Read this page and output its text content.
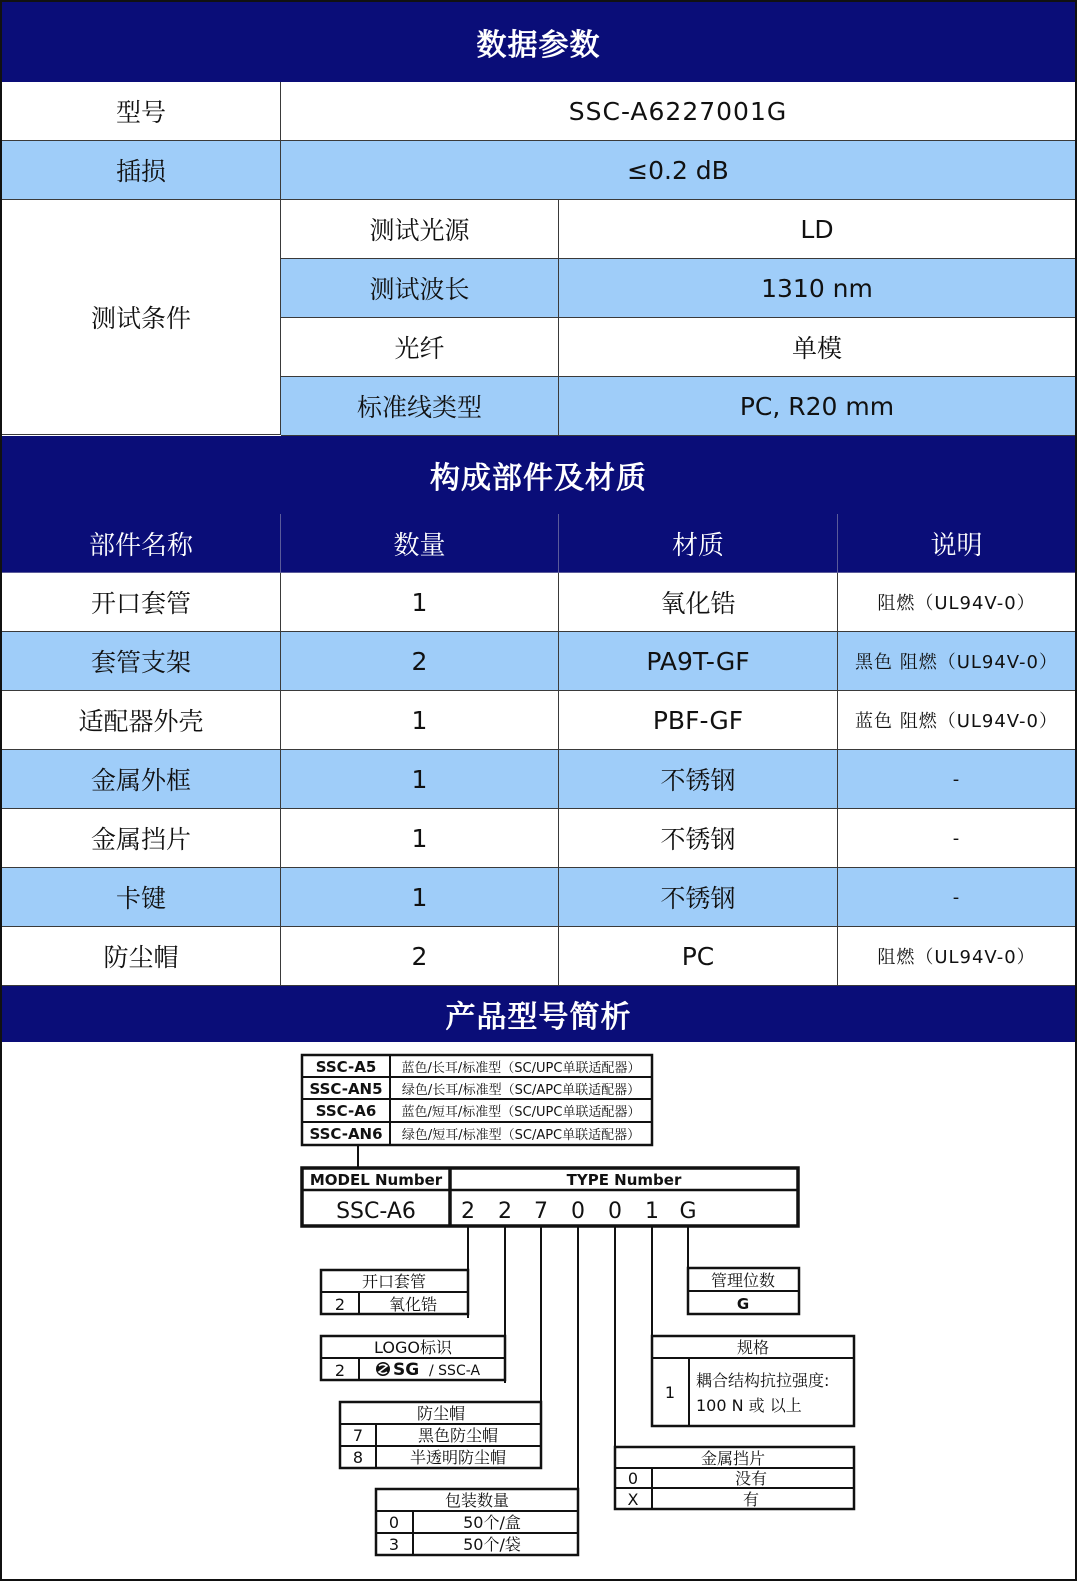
数据参数
型号	SSC-A6227001G
插损	≤0.2 dB
测试条件
测试光源	LD
测试波长	1310 nm
光纤	单模
标准线类型	PC, R20 mm
构成部件及材质
部件名称	数量	材质	说明
开口套管	1	氧化锆	阻燃（UL94V-0）
套管支架	2	PA9T-GF	黑色 阻燃（UL94V-0）
适配器外壳	1	PBF-GF	蓝色 阻燃（UL94V-0）
金属外框	1	不锈钢	-
金属挡片	1	不锈钢	-
卡键	1	不锈钢	-
防尘帽	2	PC	阻燃（UL94V-0）
产品型号简析
SSC-A5 蓝色/长耳/标准型（SC/UPC单联适配器）
SSC-AN5 绿色/长耳/标准型（SC/APC单联适配器）
SSC-A6 蓝色/短耳/标准型（SC/UPC单联适配器）
SSC-AN6 绿色/短耳/标准型（SC/APC单联适配器）
MODEL Number	TYPE Number
SSC-A6 2 2 7 0 0 1 G
开口套管
2	氧化锆
LOGO标识
2	SG / SSC-A
防尘帽
7	黑色防尘帽
8	半透明防尘帽
包装数量
0	50个/盒
3	50个/袋
管理位数
G
规格
1
耦合结构抗拉强度:
100 N 或 以上
金属挡片
0	没有
X	有
